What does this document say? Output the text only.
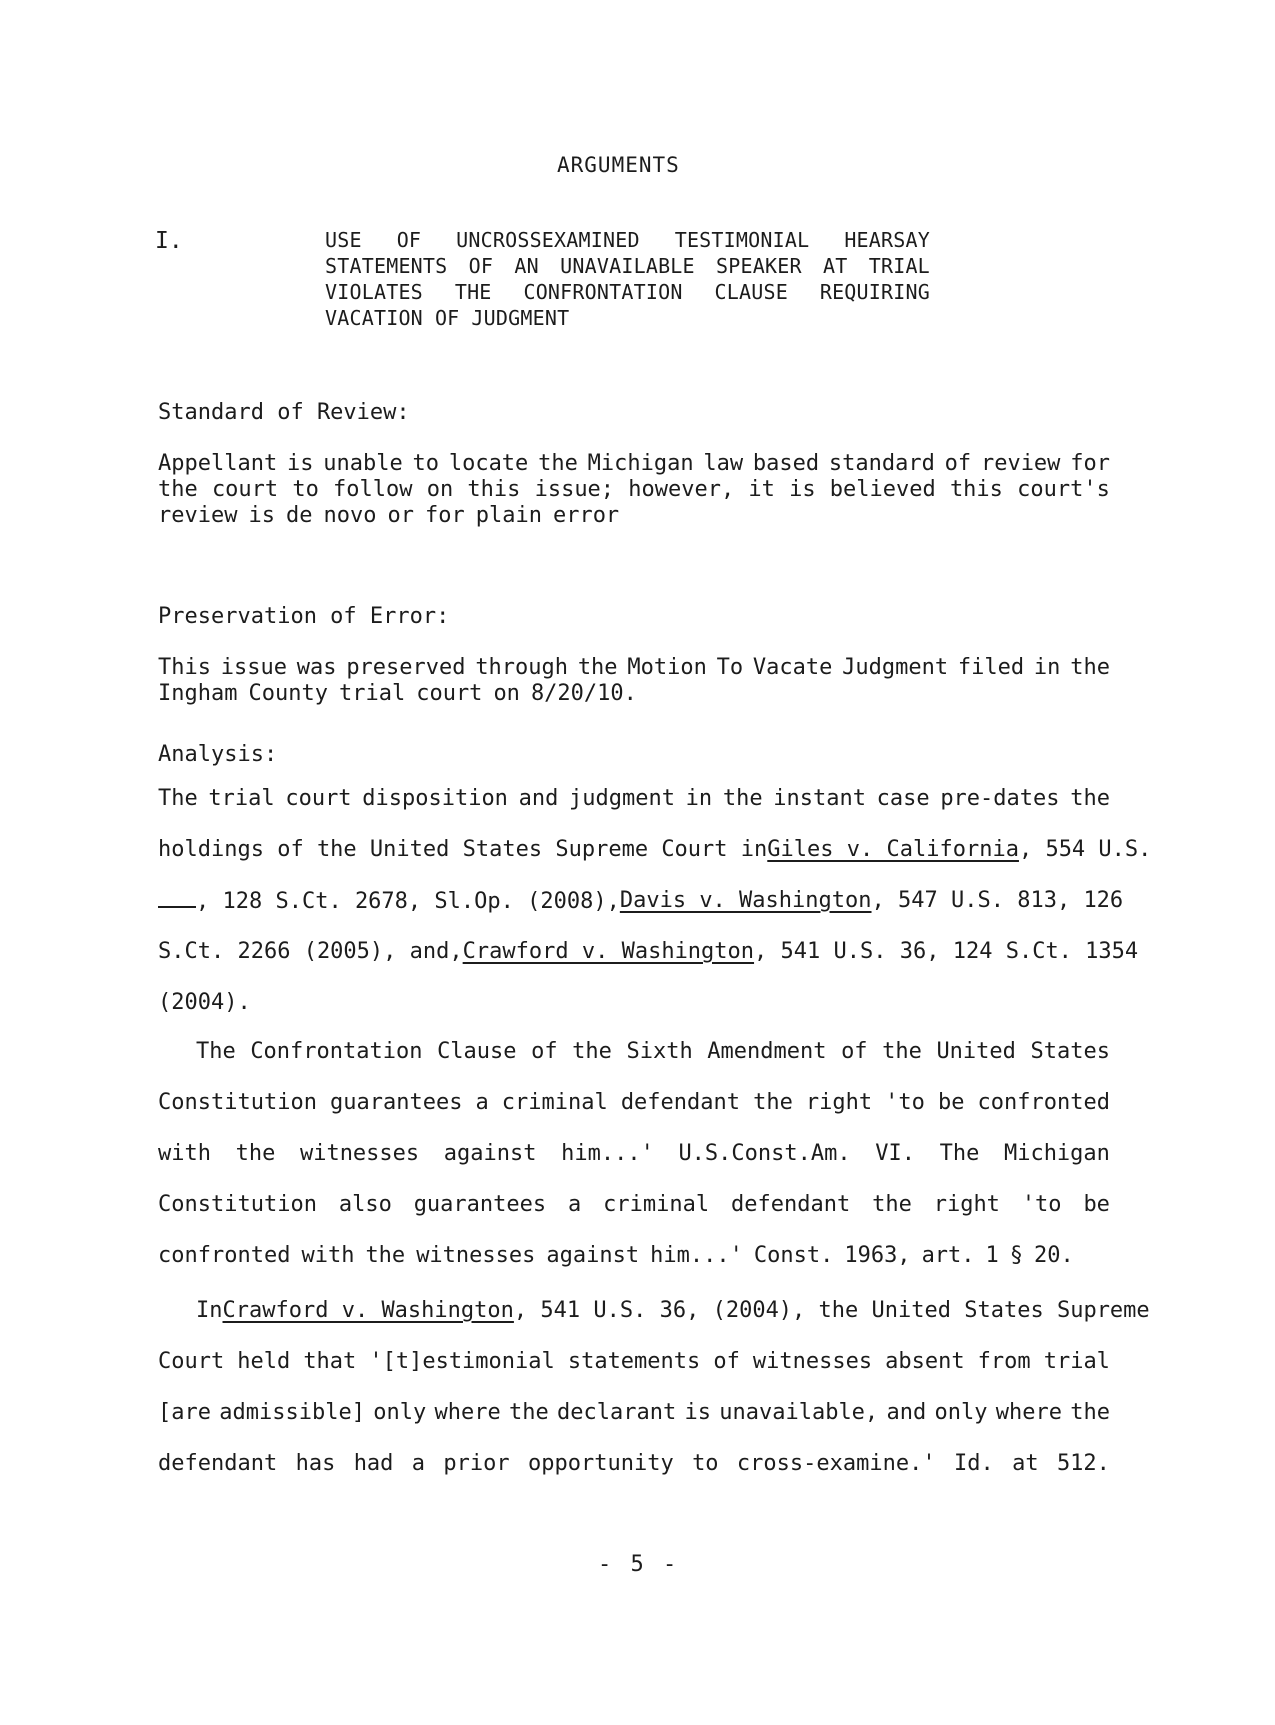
ARGUMENTS
I.	USE OF UNCROSSEXAMINED TESTIMONIAL HEARSAY
STATEMENTS OF AN UNAVAILABLE SPEAKER AT TRIAL
VIOLATES THE CONFRONTATION CLAUSE REQUIRING
VACATION OF JUDGMENT
Standard of Review:
Appellant is unable to locate the Michigan law based standard of review for
the court to follow on this issue; however, it is believed this court's
review is de novo or for plain error
Preservation of Error:
This issue was preserved through the Motion To Vacate Judgment filed in the
Ingham County trial court on 8/20/10.
Analysis:
The trial court disposition and judgment in the instant case pre-dates the
holdings of the United States Supreme Court in Giles v. California, 554 U.S.
, 128 S.Ct. 2678, Sl.Op. (2008), Davis v. Washington, 547 U.S. 813, 126
S.Ct. 2266 (2005), and, Crawford v. Washington, 541 U.S. 36, 124 S.Ct. 1354
(2004).
The Confrontation Clause of the Sixth Amendment of the United States
Constitution guarantees a criminal defendant the right 'to be confronted
with the witnesses against him...' U.S.Const.Am. VI. The Michigan
Constitution also guarantees a criminal defendant the right 'to be
confronted with the witnesses against him...' Const. 1963, art. 1 § 20.
In Crawford v. Washington, 541 U.S. 36, (2004), the United States Supreme
Court held that '[t]estimonial statements of witnesses absent from trial
[are admissible] only where the declarant is unavailable, and only where the
defendant has had a prior opportunity to cross-examine.' Id. at 512.
- 5 -
